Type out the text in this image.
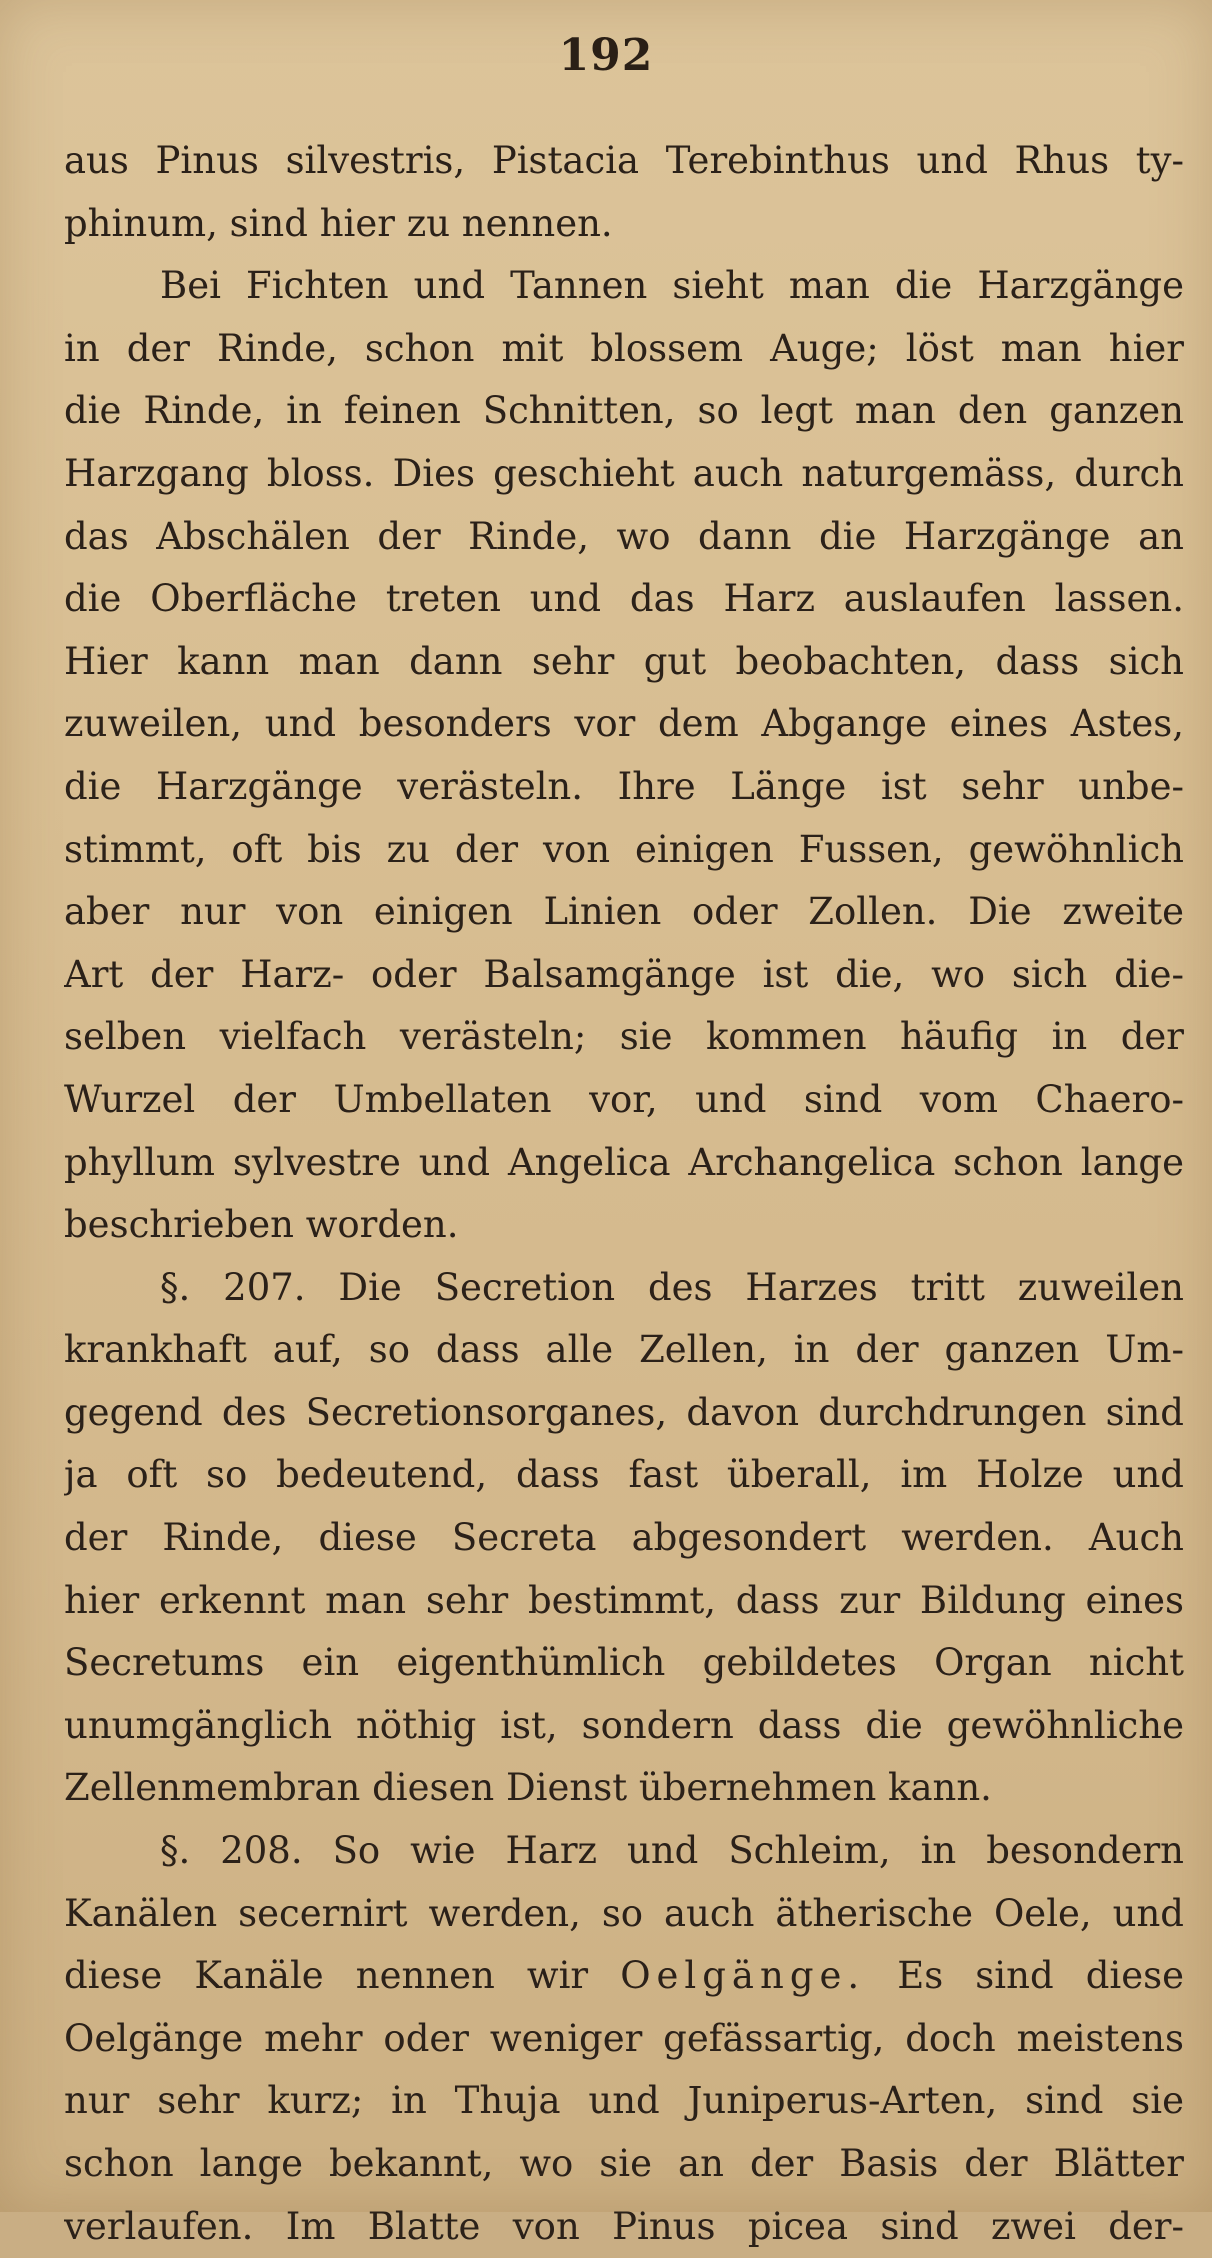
192
aus Pinus silvestris, Pistacia Terebinthus und Rhus ty-
phinum, sind hier zu nennen.
Bei Fichten und Tannen sieht man die Harzgänge
in der Rinde, schon mit blossem Auge; löst man hier
die Rinde, in feinen Schnitten, so legt man den ganzen
Harzgang bloss. Dies geschieht auch naturgemäss, durch
das Abschälen der Rinde, wo dann die Harzgänge an
die Oberfläche treten und das Harz auslaufen lassen.
Hier kann man dann sehr gut beobachten, dass sich
zuweilen, und besonders vor dem Abgange eines Astes,
die Harzgänge verästeln. Ihre Länge ist sehr unbe-
stimmt, oft bis zu der von einigen Fussen, gewöhnlich
aber nur von einigen Linien oder Zollen. Die zweite
Art der Harz- oder Balsamgänge ist die, wo sich die-
selben vielfach verästeln; sie kommen häufig in der
Wurzel der Umbellaten vor, und sind vom Chaero-
phyllum sylvestre und Angelica Archangelica schon lange
beschrieben worden.
§. 207. Die Secretion des Harzes tritt zuweilen
krankhaft auf, so dass alle Zellen, in der ganzen Um-
gegend des Secretionsorganes, davon durchdrungen sind
ja oft so bedeutend, dass fast überall, im Holze und
der Rinde, diese Secreta abgesondert werden. Auch
hier erkennt man sehr bestimmt, dass zur Bildung eines
Secretums ein eigenthümlich gebildetes Organ nicht
unumgänglich nöthig ist, sondern dass die gewöhnliche
Zellenmembran diesen Dienst übernehmen kann.
§. 208. So wie Harz und Schleim, in besondern
Kanälen secernirt werden, so auch ätherische Oele, und
diese Kanäle nennen wir Oelgänge. Es sind diese
Oelgänge mehr oder weniger gefässartig, doch meistens
nur sehr kurz; in Thuja und Juniperus-Arten, sind sie
schon lange bekannt, wo sie an der Basis der Blätter
verlaufen. Im Blatte von Pinus picea sind zwei der-
